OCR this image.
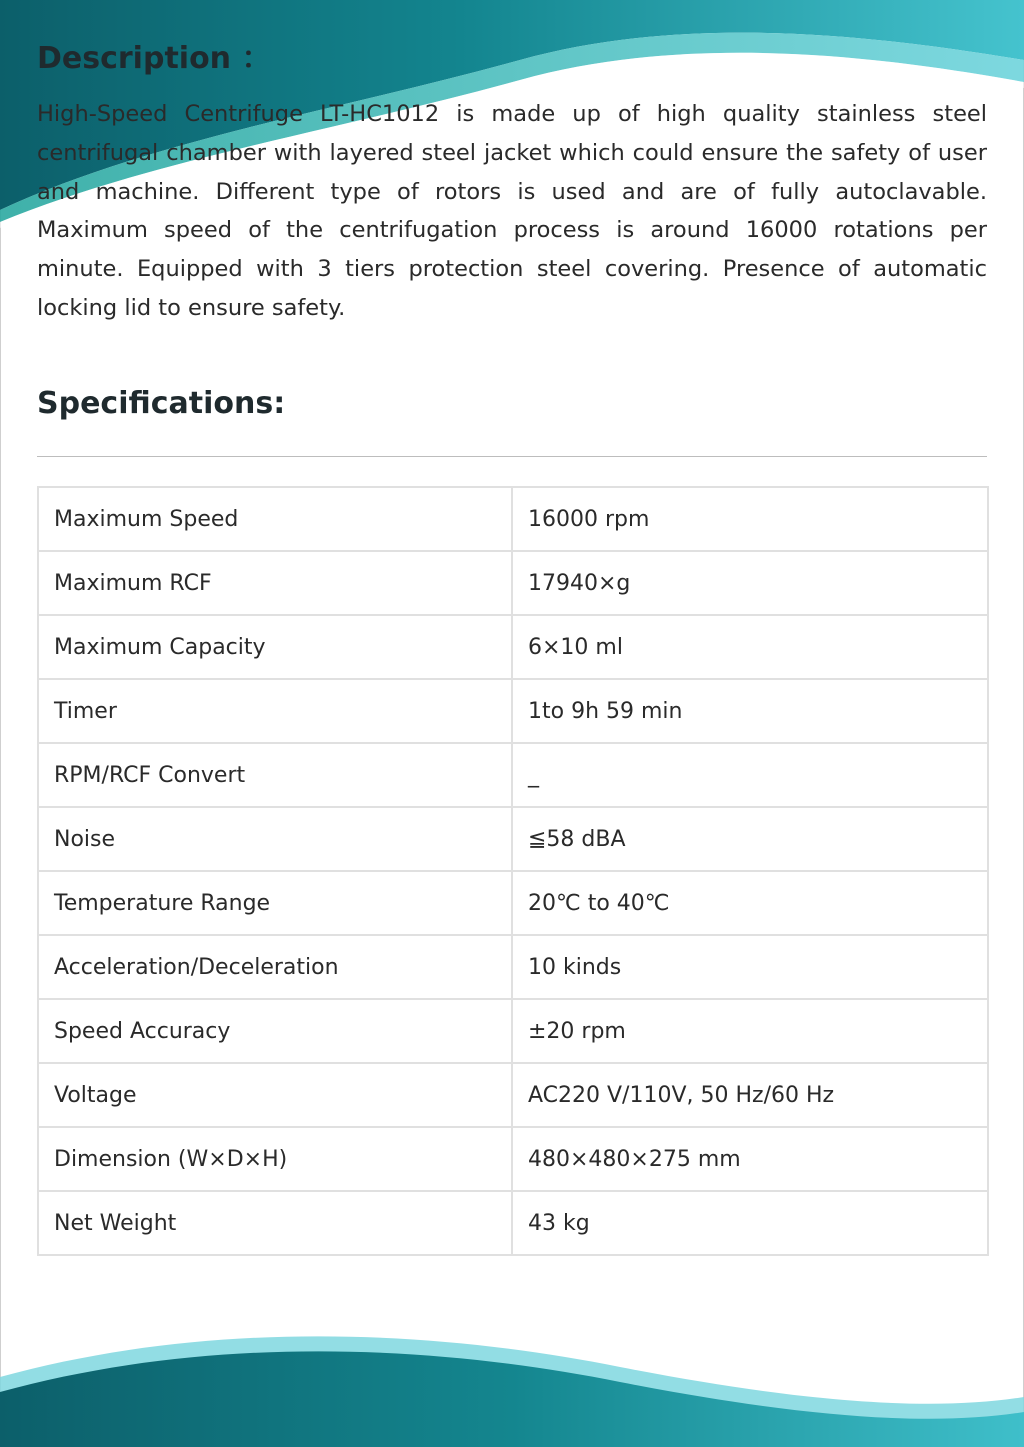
Description ：

High-Speed Centrifuge LT-HC1012 is made up of high quality stainless steel centrifugal chamber with layered steel jacket which could ensure the safety of user and machine. Different type of rotors is used and are of fully autoclavable. Maximum speed of the centrifugation process is around 16000 rotations per minute. Equipped with 3 tiers protection steel covering. Presence of automatic locking lid to ensure safety.

Specifications:
Maximum Speed	16000 rpm
Maximum RCF	17940×g
Maximum Capacity	6×10 ml
Timer	1to 9h 59 min
RPM/RCF Convert	_
Noise	≦58 dBA
Temperature Range	20℃ to 40℃
Acceleration/Deceleration	10 kinds
Speed Accuracy	±20 rpm
Voltage	AC220 V/110V, 50 Hz/60 Hz
Dimension (W×D×H)	480×480×275 mm
Net Weight	43 kg
